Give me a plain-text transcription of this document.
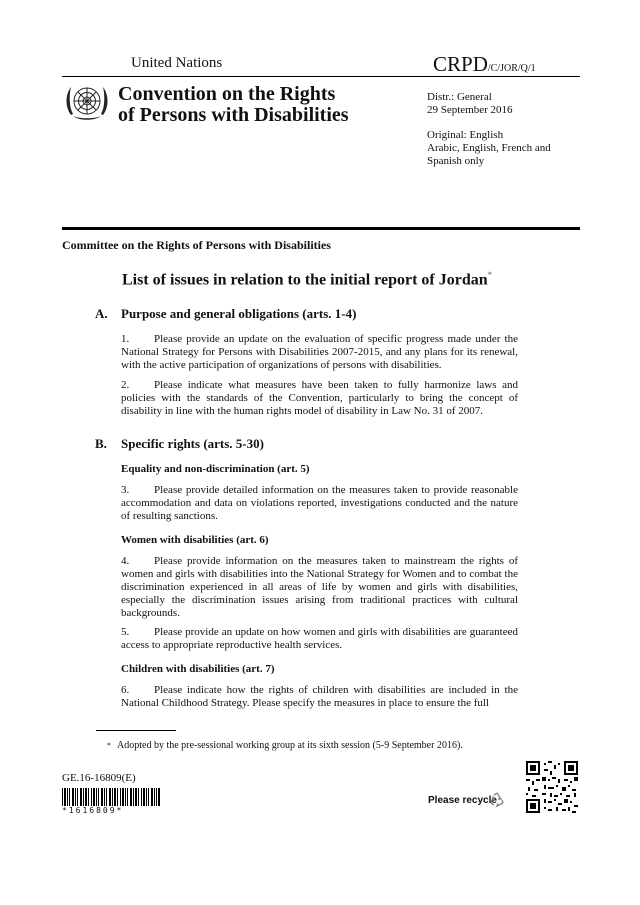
United Nations	CRPD/C/JOR/Q/1
Convention on the Rights
of Persons with Disabilities
Distr.: General
29 September 2016
Original: English
Arabic, English, French and
Spanish only
Committee on the Rights of Persons with Disabilities
List of issues in relation to the initial report of Jordan*
A. Purpose and general obligations (arts. 1-4)
1. Please provide an update on the evaluation of specific progress made under the National Strategy for Persons with Disabilities 2007-2015, and any plans for its renewal, with the active participation of organizations of persons with disabilities.
2. Please indicate what measures have been taken to fully harmonize laws and policies with the standards of the Convention, particularly to bring the concept of disability in line with the human rights model of disability in Law No. 31 of 2007.
B. Specific rights (arts. 5-30)
Equality and non-discrimination (art. 5)
3. Please provide detailed information on the measures taken to provide reasonable accommodation and data on violations reported, investigations conducted and the nature of resulting sanctions.
Women with disabilities (art. 6)
4. Please provide information on the measures taken to mainstream the rights of women and girls with disabilities into the National Strategy for Women and to combat the discrimination experienced in all areas of life by women and girls with disabilities, especially the discrimination issues arising from traditional practices with cultural backgrounds.
5. Please provide an update on how women and girls with disabilities are guaranteed access to appropriate reproductive health services.
Children with disabilities (art. 7)
6. Please indicate how the rights of children with disabilities are included in the National Childhood Strategy. Please specify the measures in place to ensure the full
* Adopted by the pre-sessional working group at its sixth session (5-9 September 2016).
GE.16-16809(E)
*1616809*
Please recycle
